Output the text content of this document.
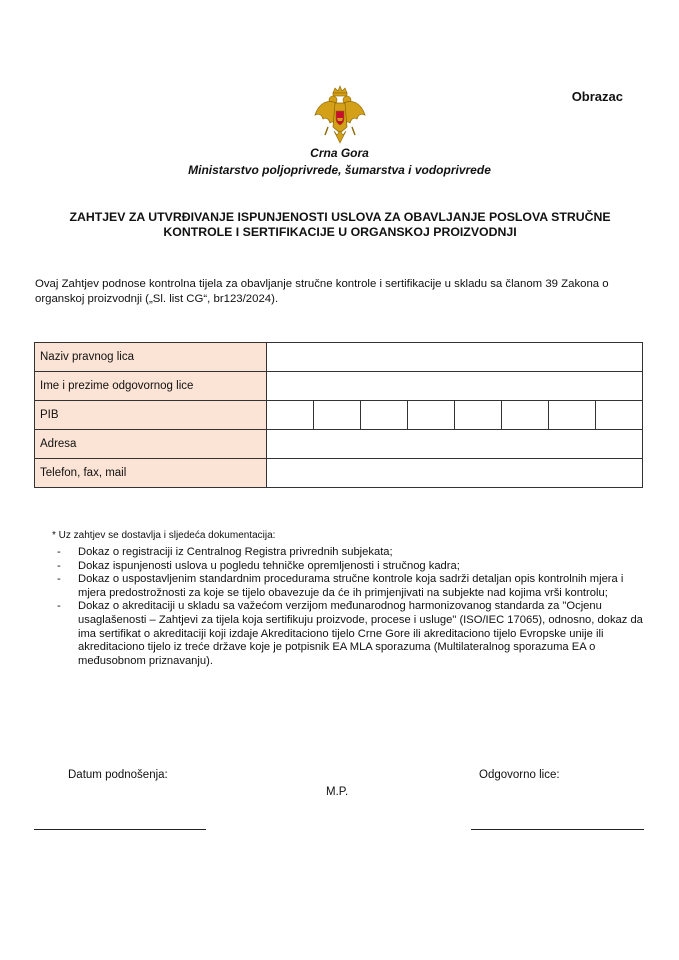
Obrazac
Crna Gora
Ministarstvo poljoprivrede, šumarstva i vodoprivrede
ZAHTJEV ZA UTVRĐIVANJE ISPUNJENOSTI USLOVA ZA OBAVLJANJE POSLOVA STRUČNE
KONTROLE I SERTIFIKACIJE U ORGANSKOJ PROIZVODNJI
Ovaj Zahtjev podnose kontrolna tijela za obavljanje stručne kontrole i sertifikacije u skladu sa članom 39 Zakona o organskoj proizvodnji („Sl. list CG“, br123/2024).
Naziv pravnog lica								
Ime i prezime odgovornog lice								
PIB								
Adresa								
Telefon, fax, mail								
* Uz zahtjev se dostavlja i sljedeća dokumentacija:
- Dokaz o registraciji iz Centralnog Registra privrednih subjekata;
- Dokaz ispunjenosti uslova u pogledu tehničke opremljenosti i stručnog kadra;
- Dokaz o uspostavljenim standardnim procedurama stručne kontrole koja sadrži detaljan opis kontrolnih mjera i mjera predostrožnosti za koje se tijelo obavezuje da će ih primjenjivati na subjekte nad kojima vrši kontrolu;
- Dokaz o akreditaciji u skladu sa važećom verzijom međunarodnog harmonizovanog standarda za "Ocjenu usaglašenosti – Zahtjevi za tijela koja sertifikuju proizvode, procese i usluge" (ISO/IEC 17065), odnosno, dokaz da ima sertifikat o akreditaciji koji izdaje Akreditaciono tijelo Crne Gore ili akreditaciono tijelo Evropske unije ili akreditaciono tijelo iz treće države koje je potpisnik EA MLA sporazuma (Multilateralnog sporazuma EA o međusobnom priznavanju).
Datum podnošenja:	Odgovorno lice:
M.P.
